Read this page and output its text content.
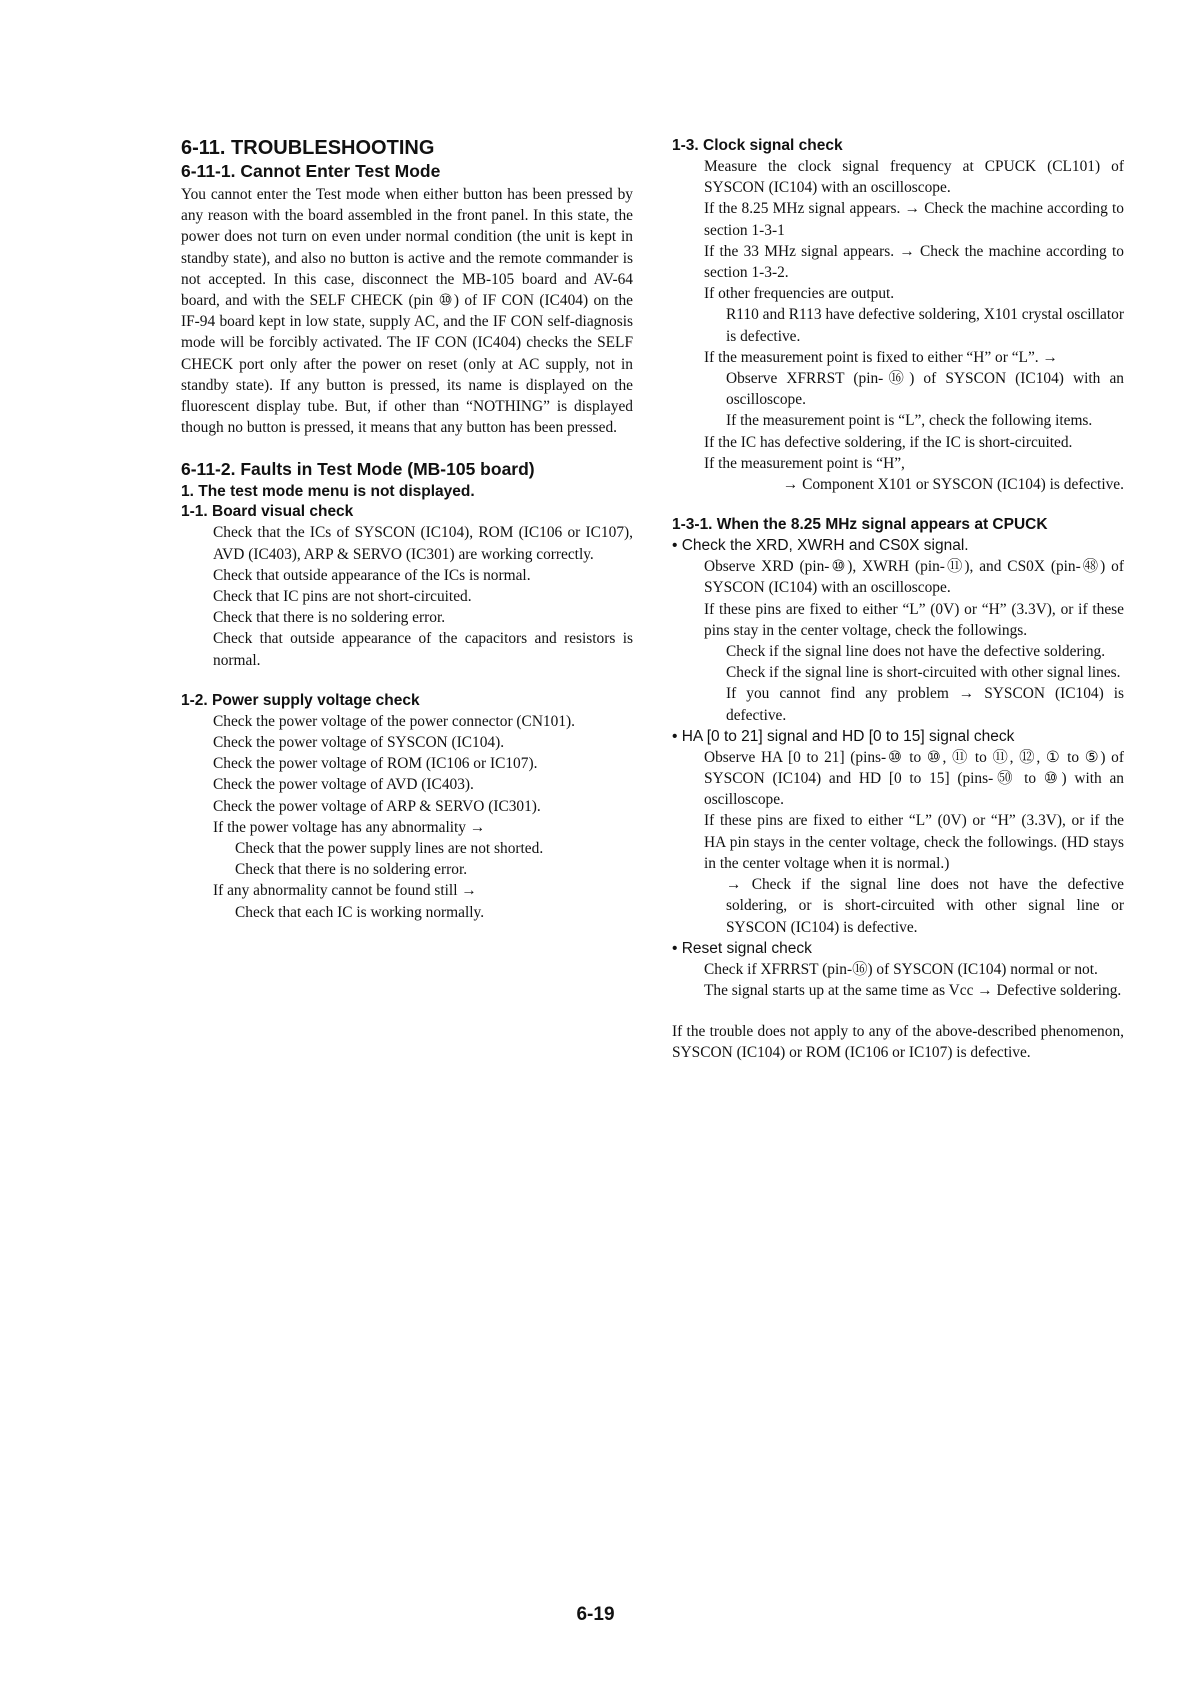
6-11. TROUBLESHOOTING
6-11-1. Cannot Enter Test Mode

You cannot enter the Test mode when either button has been pressed by any reason with the board assembled in the front panel. In this state, the power does not turn on even under normal condition (the unit is kept in standby state), and also no button is active and the remote commander is not accepted. In this case, disconnect the MB-105 board and AV-64 board, and with the SELF CHECK (pin ⑩) of IF CON (IC404) on the IF-94 board kept in low state, supply AC, and the IF CON self-diagnosis mode will be forcibly activated. The IF CON (IC404) checks the SELF CHECK port only after the power on reset (only at AC supply, not in standby state). If any button is pressed, its name is displayed on the fluorescent display tube. But, if other than “NOTHING” is displayed though no button is pressed, it means that any button has been pressed.

6-11-2. Faults in Test Mode (MB-105 board)
1. The test mode menu is not displayed.
1-1. Board visual check

Check that the ICs of SYSCON (IC104), ROM (IC106 or IC107), AVD (IC403), ARP & SERVO (IC301) are working correctly.

Check that outside appearance of the ICs is normal.

Check that IC pins are not short-circuited.

Check that there is no soldering error.

Check that outside appearance of the capacitors and resistors is normal.

1-2. Power supply voltage check

Check the power voltage of the power connector (CN101).

Check the power voltage of SYSCON (IC104).

Check the power voltage of ROM (IC106 or IC107).

Check the power voltage of AVD (IC403).

Check the power voltage of ARP & SERVO (IC301).

If the power voltage has any abnormality →

Check that the power supply lines are not shorted.

Check that there is no soldering error.

If any abnormality cannot be found still →

Check that each IC is working normally.

1-3. Clock signal check

Measure the clock signal frequency at CPUCK (CL101) of SYSCON (IC104) with an oscilloscope.

If the 8.25 MHz signal appears. → Check the machine according to section 1-3-1

If the 33 MHz signal appears. → Check the machine according to section 1-3-2.

If other frequencies are output.

R110 and R113 have defective soldering, X101 crystal oscillator is defective.

If the measurement point is fixed to either “H” or “L”. →

Observe XFRRST (pin-⑯) of SYSCON (IC104) with an oscilloscope.

If the measurement point is “L”, check the following items.

If the IC has defective soldering, if the IC is short-circuited.

If the measurement point is “H”,

→ Component X101 or SYSCON (IC104) is defective.

1-3-1. When the 8.25 MHz signal appears at CPUCK

• Check the XRD, XWRH and CS0X signal.

Observe XRD (pin-⑩), XWRH (pin-⑪), and CS0X (pin-㊽) of SYSCON (IC104) with an oscilloscope.

If these pins are fixed to either “L” (0V) or “H” (3.3V), or if these pins stay in the center voltage, check the followings.

Check if the signal line does not have the defective soldering.

Check if the signal line is short-circuited with other signal lines.

If you cannot find any problem → SYSCON (IC104) is defective.

• HA [0 to 21] signal and HD [0 to 15] signal check

Observe HA [0 to 21] (pins-⑩ to ⑩, ⑪ to ⑪, ⑫, ① to ⑤) of SYSCON (IC104) and HD [0 to 15] (pins-㊿ to ⑩) with an oscilloscope.

If these pins are fixed to either “L” (0V) or “H” (3.3V), or if the HA pin stays in the center voltage, check the followings. (HD stays in the center voltage when it is normal.)

→ Check if the signal line does not have the defective soldering, or is short-circuited with other signal line or SYSCON (IC104) is defective.

• Reset signal check

Check if XFRRST (pin-⑯) of SYSCON (IC104) normal or not.

The signal starts up at the same time as Vcc → Defective soldering.

If the trouble does not apply to any of the above-described phenomenon, SYSCON (IC104) or ROM (IC106 or IC107) is defective.

6-19
